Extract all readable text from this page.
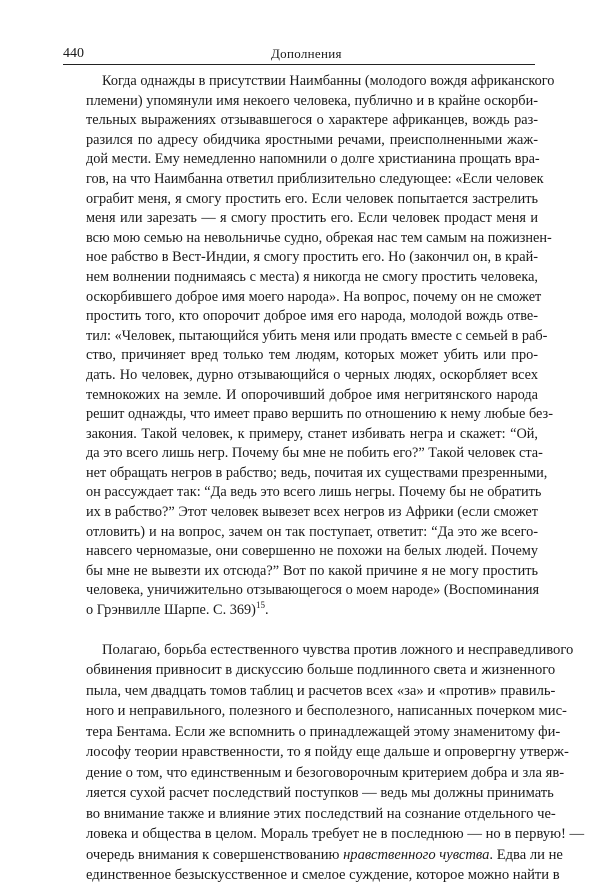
440	Дополнения
Когда однажды в присутствии Наимбанны (молодого вождя африканского
племени) упомянули имя некоего человека, публично и в крайне оскорби-
тельных выражениях отзывавшегося о характере африканцев, вождь раз-
разился по адресу обидчика яростными речами, преисполненными жаж-
дой мести. Ему немедленно напомнили о долге христианина прощать вра-
гов, на что Наимбанна ответил приблизительно следующее: «Если человек
ограбит меня, я смогу простить его. Если человек попытается застрелить
меня или зарезать — я смогу простить его. Если человек продаст меня и
всю мою семью на невольничье судно, обрекая нас тем самым на пожизнен-
ное рабство в Вест-Индии, я смогу простить его. Но (закончил он, в край-
нем волнении поднимаясь с места) я никогда не смогу простить человека,
оскорбившего доброе имя моего народа». На вопрос, почему он не сможет
простить того, кто опорочит доброе имя его народа, молодой вождь отве-
тил: «Человек, пытающийся убить меня или продать вместе с семьей в раб-
ство, причиняет вред только тем людям, которых может убить или про-
дать. Но человек, дурно отзывающийся о черных людях, оскорбляет всех
темнокожих на земле. И опорочивший доброе имя негритянского народа
решит однажды, что имеет право вершить по отношению к нему любые без-
закония. Такой человек, к примеру, станет избивать негра и скажет: “Ой,
да это всего лишь негр. Почему бы мне не побить его?” Такой человек ста-
нет обращать негров в рабство; ведь, почитая их существами презренными,
он рассуждает так: “Да ведь это всего лишь негры. Почему бы не обратить
их в рабство?” Этот человек вывезет всех негров из Африки (если сможет
отловить) и на вопрос, зачем он так поступает, ответит: “Да это же всего-
навсего черномазые, они совершенно не похожи на белых людей. Почему
бы мне не вывезти их отсюда?” Вот по какой причине я не могу простить
человека, уничижительно отзывающегося о моем народе» (Воспоминания
о Грэнвилле Шарпе. С. 369)$^{15}$.
Полагаю, борьба естественного чувства против ложного и несправедливого
обвинения привносит в дискуссию больше подлинного света и жизненного
пыла, чем двадцать томов таблиц и расчетов всех «за» и «против» правиль-
ного и неправильного, полезного и бесполезного, написанных почерком мис-
тера Бентама. Если же вспомнить о принадлежащей этому знаменитому фи-
лософу теории нравственности, то я пойду еще дальше и опровергну утверж-
дение о том, что единственным и безоговорочным критерием добра и зла яв-
ляется сухой расчет последствий поступков — ведь мы должны принимать
во внимание также и влияние этих последствий на сознание отдельного че-
ловека и общества в целом. Мораль требует не в последнюю — но в первую! —
очередь внимания к совершенствованию нравственного чувства. Едва ли не
единственное безыскусственное и смелое суждение, которое можно найти в
